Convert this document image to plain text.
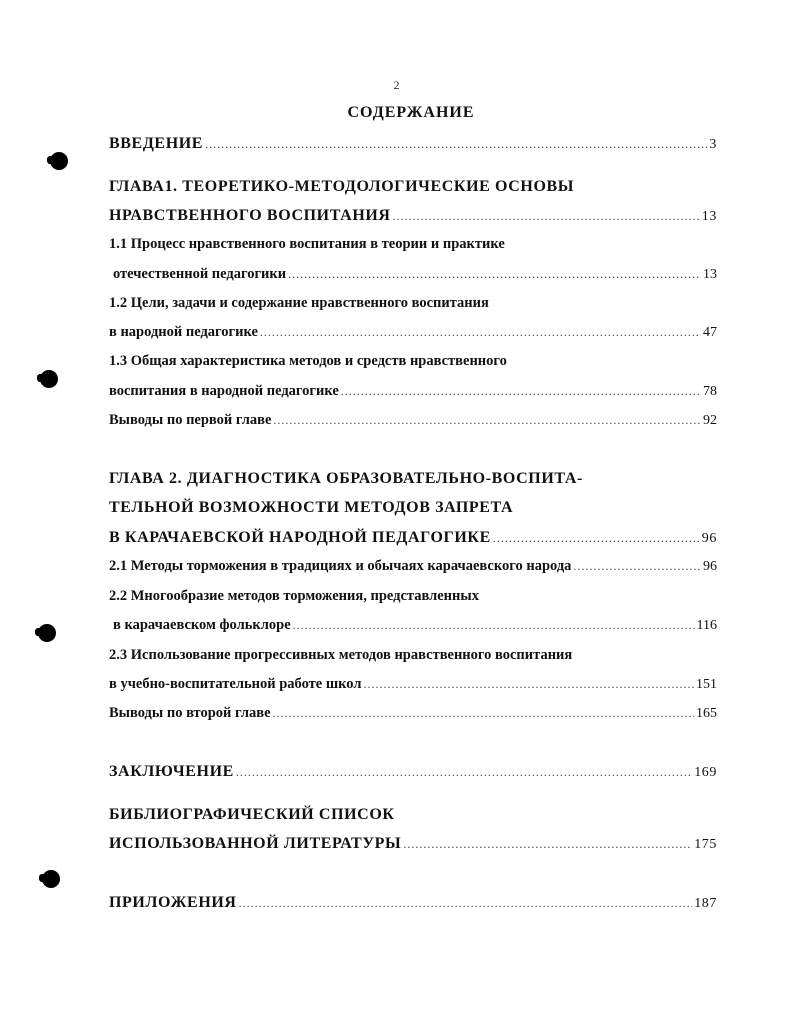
2
СОДЕРЖАНИЕ
ВВЕДЕНИЕ .....	3
ГЛАВА1. ТЕОРЕТИКО-МЕТОДОЛОГИЧЕСКИЕ ОСНОВЫ
НРАВСТВЕННОГО ВОСПИТАНИЯ .....	13
1.1 Процесс нравственного воспитания в теории и практике
отечественной педагогики .....	13
1.2 Цели, задачи и содержание нравственного воспитания
в народной педагогике .....	47
1.3 Общая характеристика методов и средств нравственного
воспитания в народной педагогике .....	78
Выводы по первой главе .....	92
ГЛАВА 2. ДИАГНОСТИКА ОБРАЗОВАТЕЛЬНО-ВОСПИТА-
ТЕЛЬНОЙ ВОЗМОЖНОСТИ МЕТОДОВ ЗАПРЕТА
В КАРАЧАЕВСКОЙ НАРОДНОЙ ПЕДАГОГИКЕ .....	96
2.1 Методы торможения в традициях и обычаях карачаевского народа .....	96
2.2 Многообразие методов торможения, представленных
в карачаевском фольклоре .....	116
2.3 Использование прогрессивных методов нравственного воспитания
в учебно-воспитательной работе школ .....	151
Выводы по второй главе .....	165
ЗАКЛЮЧЕНИЕ .....	169
БИБЛИОГРАФИЧЕСКИЙ СПИСОК
ИСПОЛЬЗОВАННОЙ ЛИТЕРАТУРЫ .....	175
ПРИЛОЖЕНИЯ .....	187
